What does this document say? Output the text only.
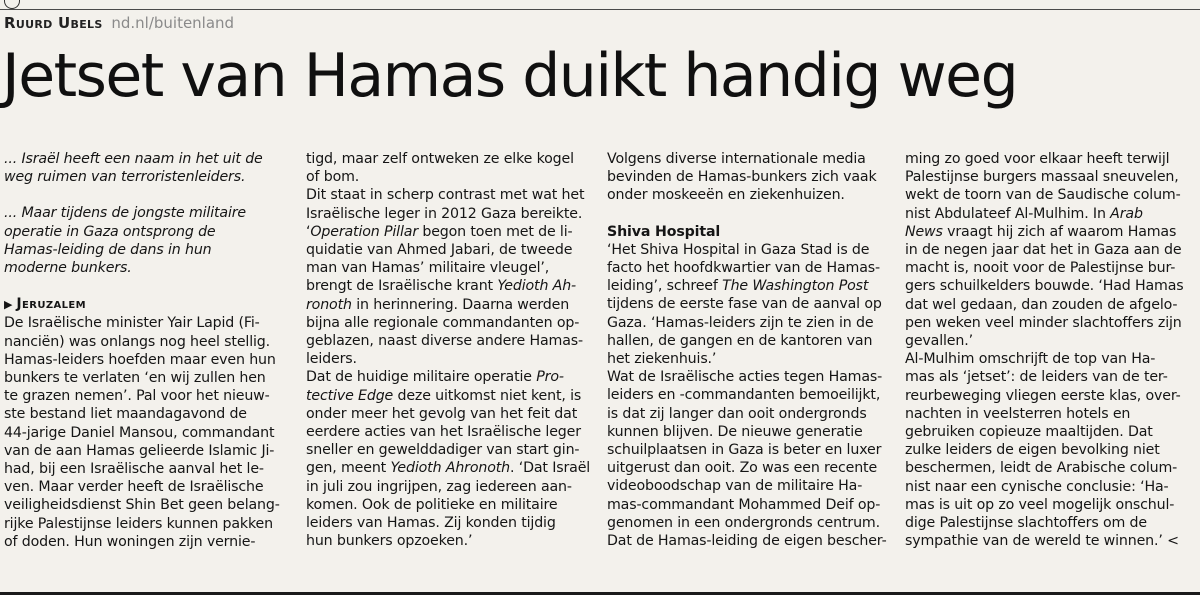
Ruurd Ubels nd.nl/buitenland
Jetset van Hamas duikt handig weg

... Israël heeft een naam in het uit de
weg ruimen van terroristenleiders.

... Maar tijdens de jongste militaire
operatie in Gaza ontsprong de
Hamas-leiding de dans in hun
moderne bunkers.

▶ Jeruzalem

De Israëlische minister Yair Lapid (Fi-
nanciën) was onlangs nog heel stellig.
Hamas-leiders hoefden maar even hun
bunkers te verlaten ‘en wij zullen hen
te grazen nemen’. Pal voor het nieuw-
ste bestand liet maandagavond de
44-jarige Daniel Mansou, commandant
van de aan Hamas gelieerde Islamic Ji-
had, bij een Israëlische aanval het le-
ven. Maar verder heeft de Israëlische
veiligheidsdienst Shin Bet geen belang-
rijke Palestijnse leiders kunnen pakken
of doden. Hun woningen zijn vernie-

tigd, maar zelf ontweken ze elke kogel
of bom.
Dit staat in scherp contrast met wat het
Israëlische leger in 2012 Gaza bereikte.
‘Operation Pillar begon toen met de li-
quidatie van Ahmed Jabari, de tweede
man van Hamas’ militaire vleugel’,
brengt de Israëlische krant Yedioth Ah-
ronoth in herinnering. Daarna werden
bijna alle regionale commandanten op-
geblazen, naast diverse andere Hamas-
leiders.
Dat de huidige militaire operatie Pro-
tective Edge deze uitkomst niet kent, is
onder meer het gevolg van het feit dat
eerdere acties van het Israëlische leger
sneller en gewelddadiger van start gin-
gen, meent Yedioth Ahronoth. ‘Dat Israël
in juli zou ingrijpen, zag iedereen aan-
komen. Ook de politieke en militaire
leiders van Hamas. Zij konden tijdig
hun bunkers opzoeken.’

Volgens diverse internationale media
bevinden de Hamas-bunkers zich vaak
onder moskeeën en ziekenhuizen.

Shiva Hospital

‘Het Shiva Hospital in Gaza Stad is de
facto het hoofdkwartier van de Hamas-
leiding’, schreef The Washington Post
tijdens de eerste fase van de aanval op
Gaza. ‘Hamas-leiders zijn te zien in de
hallen, de gangen en de kantoren van
het ziekenhuis.’
Wat de Israëlische acties tegen Hamas-
leiders en -commandanten bemoeilijkt,
is dat zij langer dan ooit ondergronds
kunnen blijven. De nieuwe generatie
schuilplaatsen in Gaza is beter en luxer
uitgerust dan ooit. Zo was een recente
videoboodschap van de militaire Ha-
mas-commandant Mohammed Deif op-
genomen in een ondergronds centrum.
Dat de Hamas-leiding de eigen bescher-

ming zo goed voor elkaar heeft terwijl
Palestijnse burgers massaal sneuvelen,
wekt de toorn van de Saudische colum-
nist Abdulateef Al-Mulhim. In Arab
News vraagt hij zich af waarom Hamas
in de negen jaar dat het in Gaza aan de
macht is, nooit voor de Palestijnse bur-
gers schuilkelders bouwde. ‘Had Hamas
dat wel gedaan, dan zouden de afgelo-
pen weken veel minder slachtoffers zijn
gevallen.’
Al-Mulhim omschrijft de top van Ha-
mas als ‘jetset’: de leiders van de ter-
reurbeweging vliegen eerste klas, over-
nachten in veelsterren hotels en
gebruiken copieuze maaltijden. Dat
zulke leiders de eigen bevolking niet
beschermen, leidt de Arabische colum-
nist naar een cynische conclusie: ‘Ha-
mas is uit op zo veel mogelijk onschul-
dige Palestijnse slachtoffers om de
sympathie van de wereld te winnen.’ <
